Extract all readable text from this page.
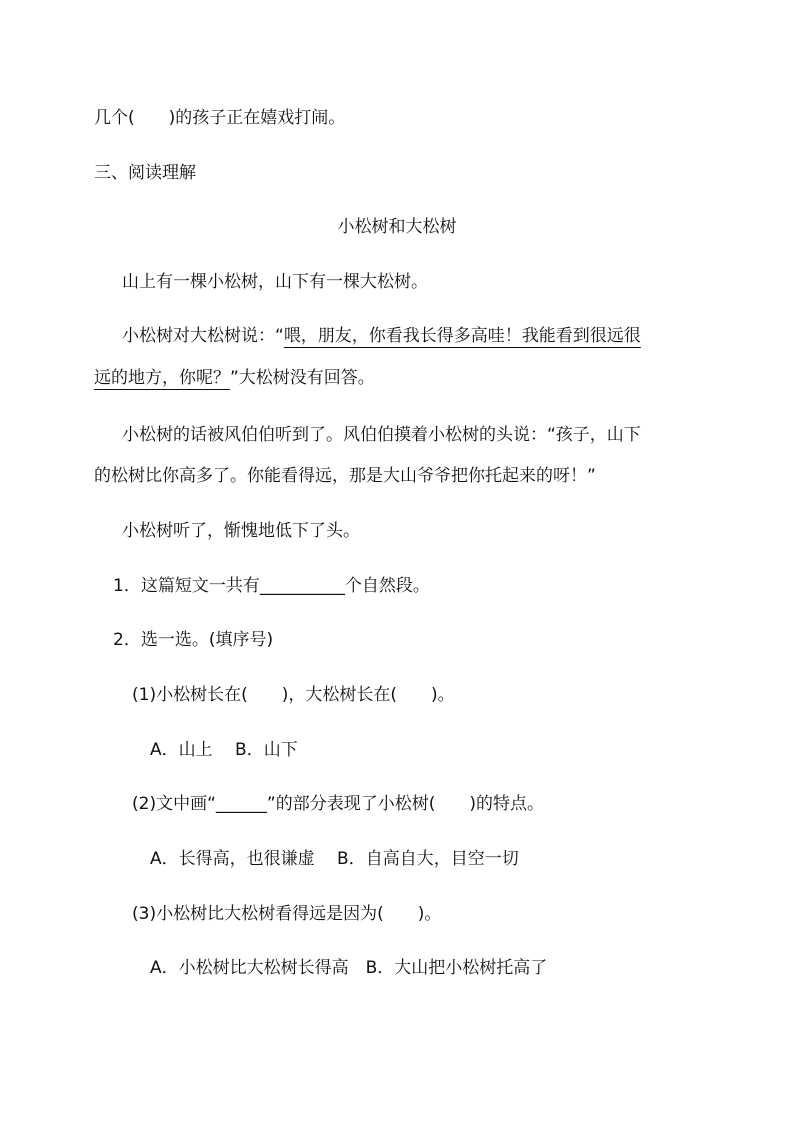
几个(　　)的孩子正在嬉戏打闹。
三、阅读理解
小松树和大松树
山上有一棵小松树，山下有一棵大松树。
小松树对大松树说：“喂，朋友，你看我长得多高哇！我能看到很远很
远的地方，你呢？”大松树没有回答。
小松树的话被风伯伯听到了。风伯伯摸着小松树的头说：“孩子，山下
的松树比你高多了。你能看得远，那是大山爷爷把你托起来的呀！”
小松树听了，惭愧地低下了头。
1．这篇短文一共有__________个自然段。
2．选一选。(填序号)
(1)小松树长在(　　)，大松树长在(　　)。
A．山上　 B．山下
(2)文中画“______”的部分表现了小松树(　　)的特点。
A．长得高，也很谦虚　 B．自高自大，目空一切
(3)小松树比大松树看得远是因为(　　)。
A．小松树比大松树长得高　B．大山把小松树托高了
